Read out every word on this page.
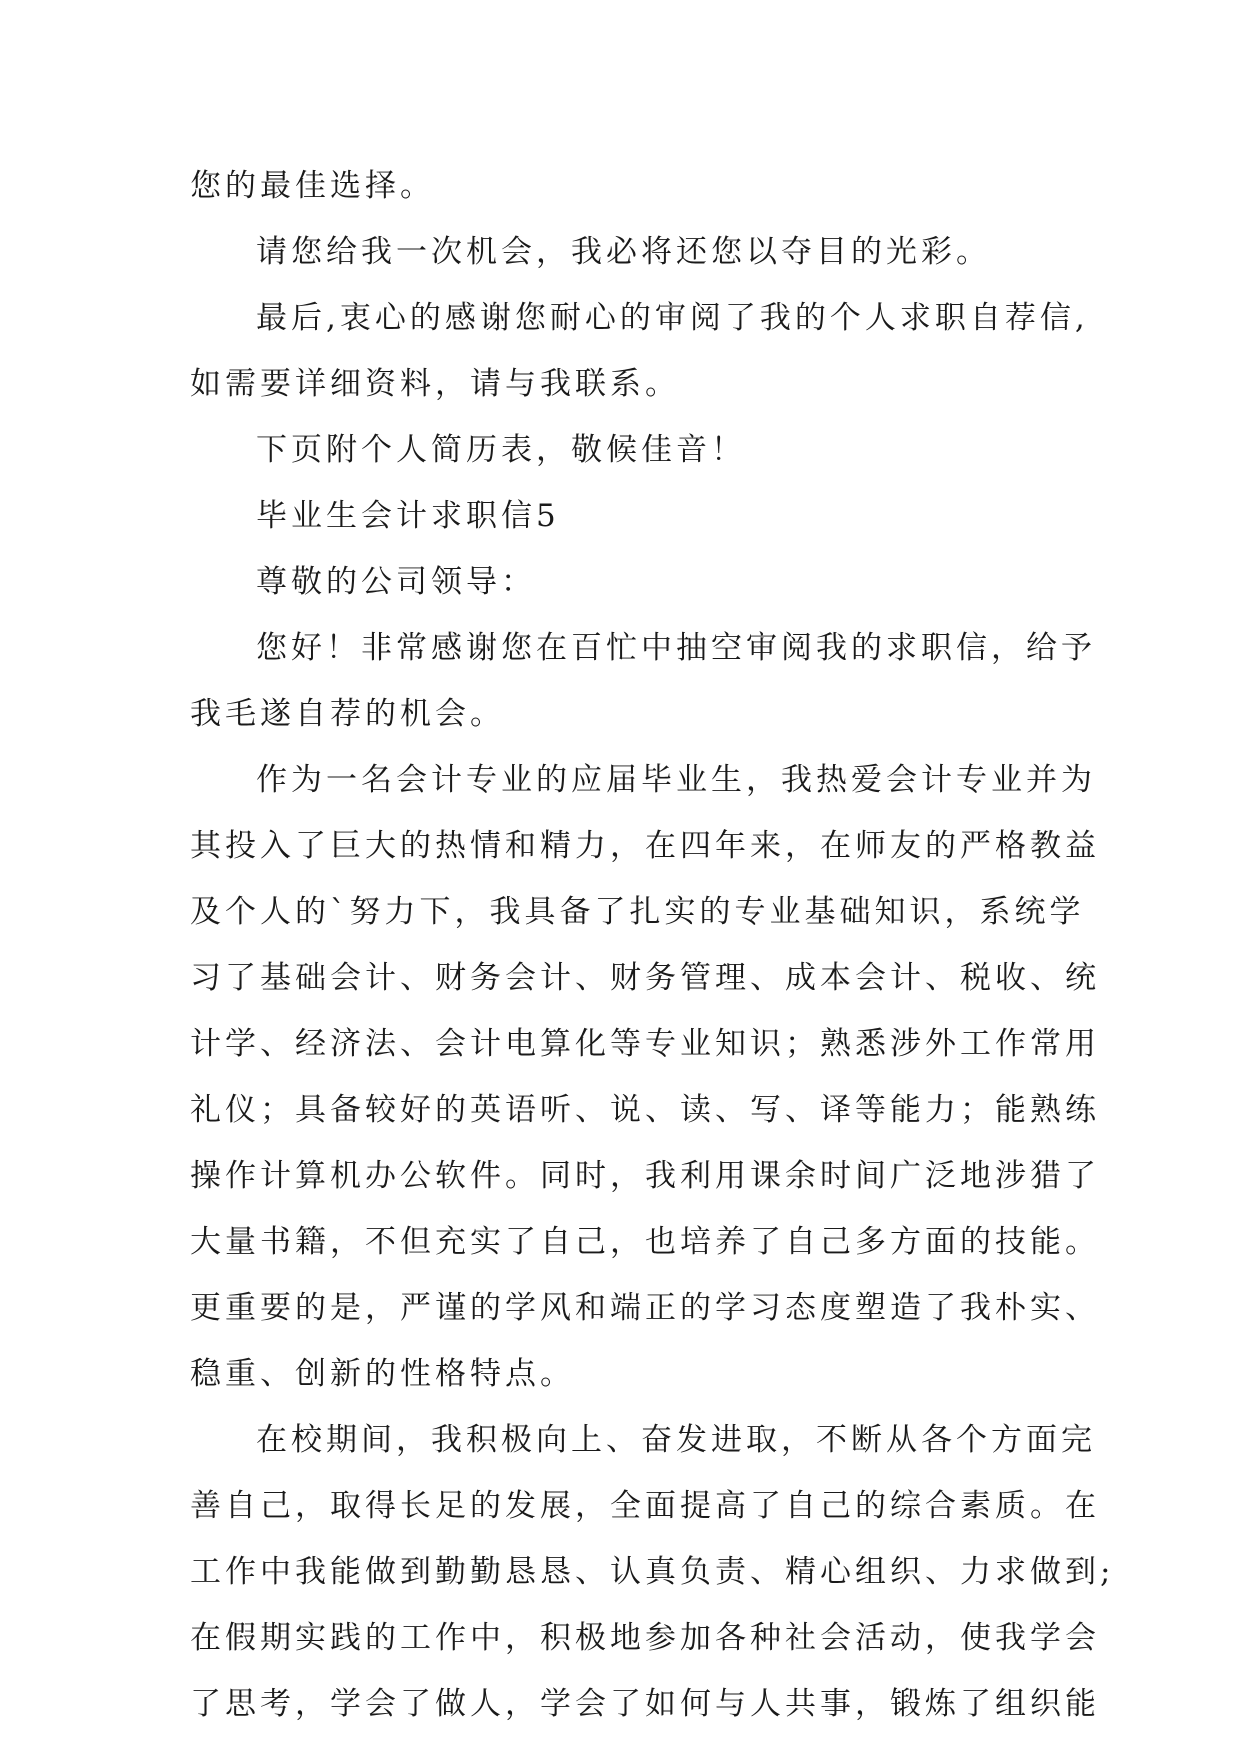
您的最佳选择。
请您给我一次机会，我必将还您以夺目的光彩。
最后,衷心的感谢您耐心的审阅了我的个人求职自荐信,
如需要详细资料，请与我联系。
下页附个人简历表，敬候佳音！
毕业生会计求职信5
尊敬的公司领导：
您好！非常感谢您在百忙中抽空审阅我的求职信，给予
我毛遂自荐的机会。
作为一名会计专业的应届毕业生，我热爱会计专业并为
其投入了巨大的热情和精力，在四年来，在师友的严格教益
及个人的`努力下，我具备了扎实的专业基础知识，系统学
习了基础会计、财务会计、财务管理、成本会计、税收、统
计学、经济法、会计电算化等专业知识；熟悉涉外工作常用
礼仪；具备较好的英语听、说、读、写、译等能力；能熟练
操作计算机办公软件。同时，我利用课余时间广泛地涉猎了
大量书籍，不但充实了自己，也培养了自己多方面的技能。
更重要的是，严谨的学风和端正的学习态度塑造了我朴实、
稳重、创新的性格特点。
在校期间，我积极向上、奋发进取，不断从各个方面完
善自己，取得长足的发展，全面提高了自己的综合素质。在
工作中我能做到勤勤恳恳、认真负责、精心组织、力求做到;
在假期实践的工作中，积极地参加各种社会活动，使我学会
了思考，学会了做人，学会了如何与人共事，锻炼了组织能
